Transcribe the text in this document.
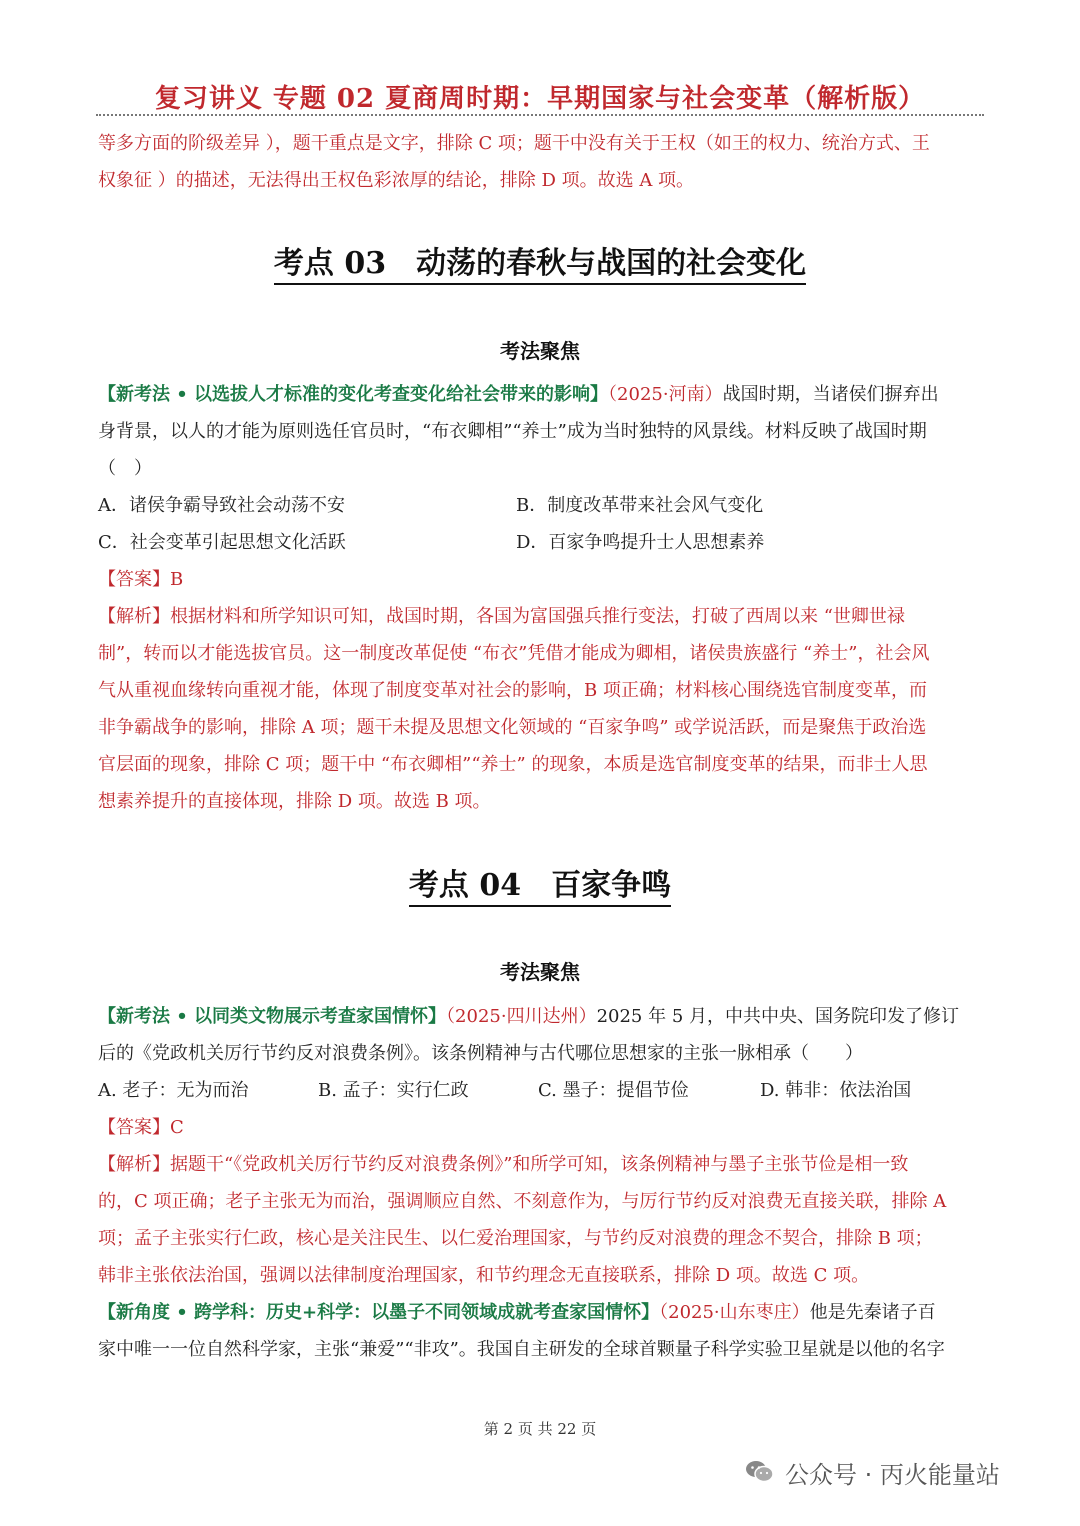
复习讲义 专题 02 夏商周时期：早期国家与社会变革（解析版）
等多方面的阶级差异 ），题干重点是文字，排除 C 项；题干中没有关于王权（如王的权力、统治方式、王
权象征 ）的描述，无法得出王权色彩浓厚的结论，排除 D 项。故选 A 项。
考点 03　动荡的春秋与战国的社会变化
考法聚焦
【新考法 • 以选拔人才标准的变化考查变化给社会带来的影响】（2025·河南）战国时期，当诸侯们摒弃出
身背景，以人的才能为原则选任官员时，“布衣卿相”“养士”成为当时独特的风景线。材料反映了战国时期
（　）
A．诸侯争霸导致社会动荡不安	B．制度改革带来社会风气变化
C．社会变革引起思想文化活跃	D．百家争鸣提升士人思想素养
【答案】B
【解析】根据材料和所学知识可知，战国时期，各国为富国强兵推行变法，打破了西周以来 “世卿世禄
制”，转而以才能选拔官员。这一制度改革促使 “布衣”凭借才能成为卿相，诸侯贵族盛行 “养士”，社会风
气从重视血缘转向重视才能，体现了制度变革对社会的影响，B 项正确；材料核心围绕选官制度变革，而
非争霸战争的影响，排除 A 项；题干未提及思想文化领域的 “百家争鸣” 或学说活跃，而是聚焦于政治选
官层面的现象，排除 C 项；题干中 “布衣卿相”“养士” 的现象，本质是选官制度变革的结果，而非士人思
想素养提升的直接体现，排除 D 项。故选 B 项。
考点 04　百家争鸣
考法聚焦
【新考法 • 以同类文物展示考查家国情怀】（2025·四川达州）2025 年 5 月，中共中央、国务院印发了修订
后的《党政机关厉行节约反对浪费条例》。该条例精神与古代哪位思想家的主张一脉相承（　　）
A. 老子：无为而治	B. 孟子：实行仁政	C. 墨子：提倡节俭	D. 韩非：依法治国
【答案】C
【解析】据题干“《党政机关厉行节约反对浪费条例》”和所学可知，该条例精神与墨子主张节俭是相一致
的，C 项正确；老子主张无为而治，强调顺应自然、不刻意作为，与厉行节约反对浪费无直接关联，排除 A
项；孟子主张实行仁政，核心是关注民生、以仁爱治理国家，与节约反对浪费的理念不契合，排除 B 项；
韩非主张依法治国，强调以法律制度治理国家，和节约理念无直接联系，排除 D 项。故选 C 项。
【新角度 • 跨学科：历史+科学：以墨子不同领域成就考查家国情怀】（2025·山东枣庄）他是先秦诸子百
家中唯一一位自然科学家，主张“兼爱”“非攻”。我国自主研发的全球首颗量子科学实验卫星就是以他的名字
第 2 页 共 22 页
公众号 · 丙火能量站
